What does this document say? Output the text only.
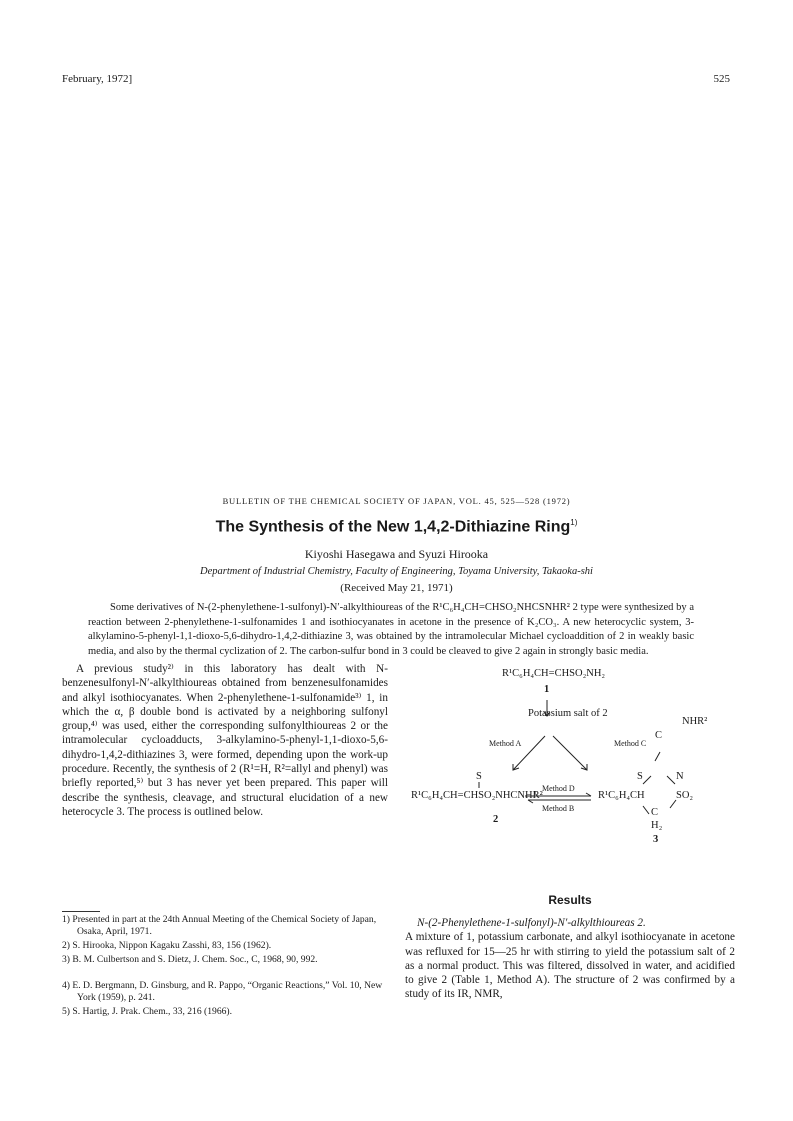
February, 1972]	525
BULLETIN OF THE CHEMICAL SOCIETY OF JAPAN, VOL. 45, 525—528 (1972)
The Synthesis of the New 1,4,2-Dithiazine Ring$^{1)}$
Kiyoshi Hasegawa and Syuzi Hirooka
Department of Industrial Chemistry, Faculty of Engineering, Toyama University, Takaoka-shi
(Received May 21, 1971)
Some derivatives of N-(2-phenylethene-1-sulfonyl)-N′-alkylthioureas of the R¹C₆H₄CH=CHSO₂NHCSNHR² 2 type were synthesized by a reaction between 2-phenylethene-1-sulfonamides 1 and isothiocyanates in acetone in the presence of K₂CO₃. A new heterocyclic system, 3-alkylamino-5-phenyl-1,1-dioxo-5,6-dihydro-1,4,2-dithiazine 3, was obtained by the intramolecular Michael cycloaddition of 2 in weakly basic media, and also by the thermal cyclization of 2. The carbon-sulfur bond in 3 could be cleaved to give 2 again in strongly basic media.
A previous study²⁾ in this laboratory has dealt with N-benzenesulfonyl-N′-alkylthioureas obtained from benzenesulfonamides and alkyl isothiocyanates. When 2-phenylethene-1-sulfonamide³⁾ 1, in which the α, β double bond is activated by a neighboring sulfonyl group,⁴⁾ was used, either the corresponding sulfonylthioureas 2 or the intramolecular cycloadducts, 3-alkylamino-5-phenyl-1,1-dioxo-5,6-dihydro-1,4,2-dithiazines 3, were formed, depending upon the work-up procedure. Recently, the synthesis of 2 (R¹=H, R²=allyl and phenyl) was briefly reported,⁵⁾ but 3 has never yet been prepared. This paper will describe the synthesis, cleavage, and structural elucidation of a new heterocycle 3. The process is outlined below.
1) Presented in part at the 24th Annual Meeting of the Chemical Society of Japan, Osaka, April, 1971.
2) S. Hirooka, Nippon Kagaku Zasshi, 83, 156 (1962).
3) B. M. Culbertson and S. Dietz, J. Chem. Soc., C, 1968, 90, 992.
4) E. D. Bergmann, D. Ginsburg, and R. Pappo, “Organic Reactions,” Vol. 10, New York (1959), p. 241.
5) S. Hartig, J. Prak. Chem., 33, 216 (1966).
R¹C₆H₄CH=CHSO₂NH₂
1
Potassium salt of 2
Method A	Method C
S
R¹C₆H₄CH=CHSO₂NHCNHR²
Method D
Method B
2
NHR²
C
S	N
R¹C₆H₄CH	SO₂
C
H₂
3
Results
N-(2-Phenylethene-1-sulfonyl)-N′-alkylthioureas 2.
A mixture of 1, potassium carbonate, and alkyl isothiocyanate in acetone was refluxed for 15—25 hr with stirring to yield the potassium salt of 2 as a normal product. This was filtered, dissolved in water, and acidified to give 2 (Table 1, Method A). The structure of 2 was confirmed by a study of its IR, NMR,
